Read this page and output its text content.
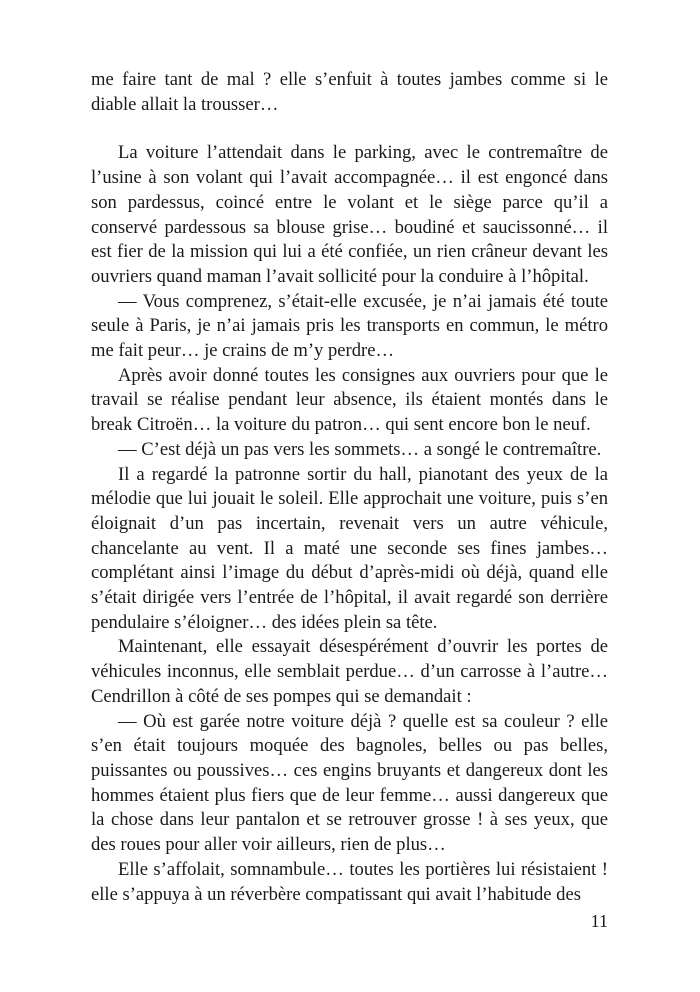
me faire tant de mal ? elle s’enfuit à toutes jambes comme si le diable allait la trousser…

La voiture l’attendait dans le parking, avec le contremaître de l’usine à son volant qui l’avait accompagnée… il est engoncé dans son pardessus, coincé entre le volant et le siège parce qu’il a conservé pardessous sa blouse grise… boudiné et saucissonné… il est fier de la mission qui lui a été confiée, un rien crâneur devant les ouvriers quand maman l’avait sollicité pour la conduire à l’hôpital.

— Vous comprenez, s’était-elle excusée, je n’ai jamais été toute seule à Paris, je n’ai jamais pris les transports en commun, le métro me fait peur… je crains de m’y perdre…

Après avoir donné toutes les consignes aux ouvriers pour que le travail se réalise pendant leur absence, ils étaient montés dans le break Citroën… la voiture du patron… qui sent encore bon le neuf.

— C’est déjà un pas vers les sommets… a songé le contremaître.

Il a regardé la patronne sortir du hall, pianotant des yeux de la mélodie que lui jouait le soleil. Elle approchait une voiture, puis s’en éloignait d’un pas incertain, revenait vers un autre véhicule, chancelante au vent. Il a maté une seconde ses fines jambes… complétant ainsi l’image du début d’après-midi où déjà, quand elle s’était dirigée vers l’entrée de l’hôpital, il avait regardé son derrière pendulaire s’éloigner… des idées plein sa tête.

Maintenant, elle essayait désespérément d’ouvrir les portes de véhicules inconnus, elle semblait perdue… d’un carrosse à l’autre… Cendrillon à côté de ses pompes qui se demandait :

— Où est garée notre voiture déjà ? quelle est sa couleur ? elle s’en était toujours moquée des bagnoles, belles ou pas belles, puissantes ou poussives… ces engins bruyants et dangereux dont les hommes étaient plus fiers que de leur femme… aussi dangereux que la chose dans leur pantalon et se retrouver grosse ! à ses yeux, que des roues pour aller voir ailleurs, rien de plus…

Elle s’affolait, somnambule… toutes les portières lui résistaient ! elle s’appuya à un réverbère compatissant qui avait l’habitude des

11
